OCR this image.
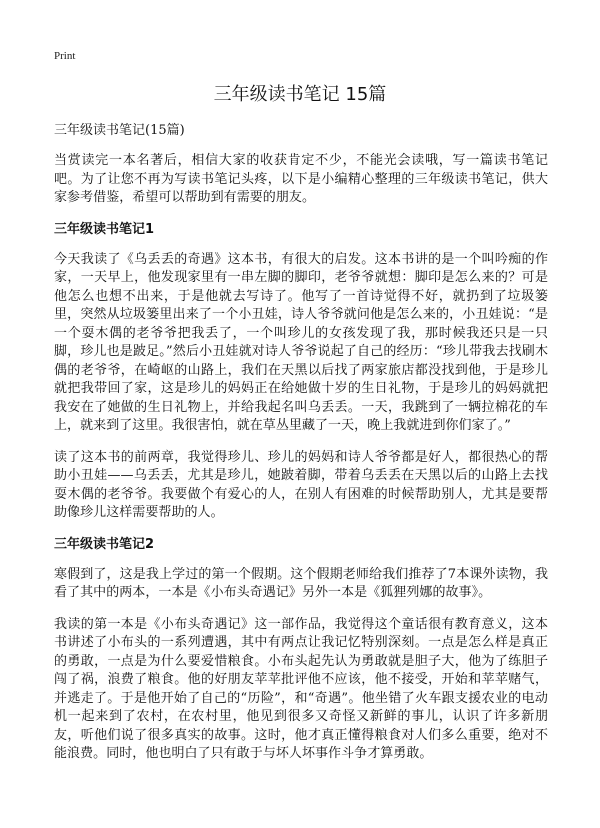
Print
三年级读书笔记 15篇
三年级读书笔记(15篇)

当赏读完一本名著后，相信大家的收获肯定不少，不能光会读哦，写一篇读书笔记吧。为了让您不再为写读书笔记头疼，以下是小编精心整理的三年级读书笔记，供大家参考借鉴，希望可以帮助到有需要的朋友。

三年级读书笔记1

今天我读了《乌丢丢的奇遇》这本书，有很大的启发。这本书讲的是一个叫吟痴的作家，一天早上，他发现家里有一串左脚的脚印，老爷爷就想：脚印是怎么来的？可是他怎么也想不出来，于是他就去写诗了。他写了一首诗觉得不好，就扔到了垃圾篓里，突然从垃圾篓里出来了一个小丑娃，诗人爷爷就问他是怎么来的，小丑娃说：“是一个耍木偶的老爷爷把我丢了，一个叫珍儿的女孩发现了我，那时候我还只是一只脚，珍儿也是跛足。”然后小丑娃就对诗人爷爷说起了自己的经历：“珍儿带我去找刷木偶的老爷爷，在崎岖的山路上，我们在天黑以后找了两家旅店都没找到他，于是珍儿就把我带回了家，这是珍儿的妈妈正在给她做十岁的生日礼物，于是珍儿的妈妈就把我安在了她做的生日礼物上，并给我起名叫乌丢丢。一天，我跳到了一辆拉棉花的车上，就来到了这里。我很害怕，就在草丛里藏了一天，晚上我就进到你们家了。”

读了这本书的前两章，我觉得珍儿、珍儿的妈妈和诗人爷爷都是好人，都很热心的帮助小丑娃——乌丢丢，尤其是珍儿，她跛着脚，带着乌丢丢在天黑以后的山路上去找耍木偶的老爷爷。我要做个有爱心的人，在别人有困难的时候帮助别人，尤其是要帮助像珍儿这样需要帮助的人。

三年级读书笔记2

寒假到了，这是我上学过的第一个假期。这个假期老师给我们推荐了7本课外读物，我看了其中的两本，一本是《小布头奇遇记》另外一本是《狐狸列娜的故事》。

我读的第一本是《小布头奇遇记》这一部作品，我觉得这个童话很有教育意义，这本书讲述了小布头的一系列遭遇，其中有两点让我记忆特别深刻。一点是怎么样是真正的勇敢，一点是为什么要爱惜粮食。小布头起先认为勇敢就是胆子大，他为了练胆子闯了祸，浪费了粮食。他的好朋友苹苹批评他不应该，他不接受，开始和苹苹赌气，并逃走了。于是他开始了自己的“历险”，和“奇遇”。他坐错了火车跟支援农业的电动机一起来到了农村，在农村里，他见到很多又奇怪又新鲜的事儿，认识了许多新朋友，听他们说了很多真实的故事。这时，他才真正懂得粮食对人们多么重要，绝对不能浪费。同时，他也明白了只有敢于与坏人坏事作斗争才算勇敢。
